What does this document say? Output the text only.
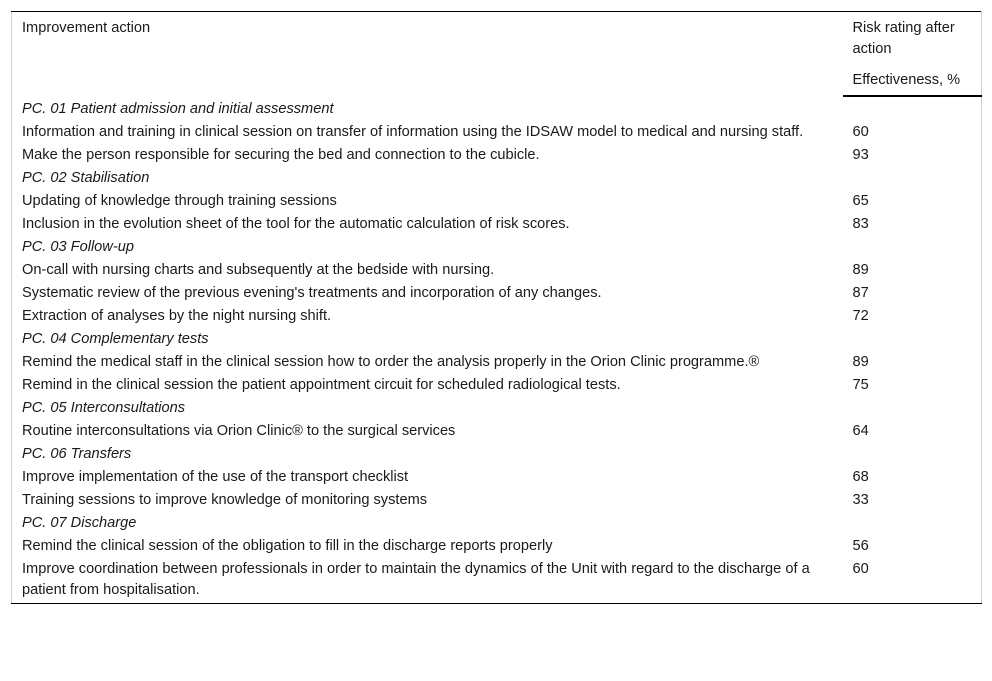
Improvement action	Risk rating after action
	Effectiveness, %
PC. 01 Patient admission and initial assessment	
Information and training in clinical session on transfer of information using the IDSAW model to medical and nursing staff.	60
Make the person responsible for securing the bed and connection to the cubicle.	93
PC. 02 Stabilisation	
Updating of knowledge through training sessions	65
Inclusion in the evolution sheet of the tool for the automatic calculation of risk scores.	83
PC. 03 Follow-up	
On-call with nursing charts and subsequently at the bedside with nursing.	89
Systematic review of the previous evening's treatments and incorporation of any changes.	87
Extraction of analyses by the night nursing shift.	72
PC. 04 Complementary tests	
Remind the medical staff in the clinical session how to order the analysis properly in the Orion Clinic programme.®	89
Remind in the clinical session the patient appointment circuit for scheduled radiological tests.	75
PC. 05 Interconsultations	
Routine interconsultations via Orion Clinic® to the surgical services	64
PC. 06 Transfers	
Improve implementation of the use of the transport checklist	68
Training sessions to improve knowledge of monitoring systems	33
PC. 07 Discharge	
Remind the clinical session of the obligation to fill in the discharge reports properly	56
Improve coordination between professionals in order to maintain the dynamics of the Unit with regard to the discharge of a patient from hospitalisation.	60
